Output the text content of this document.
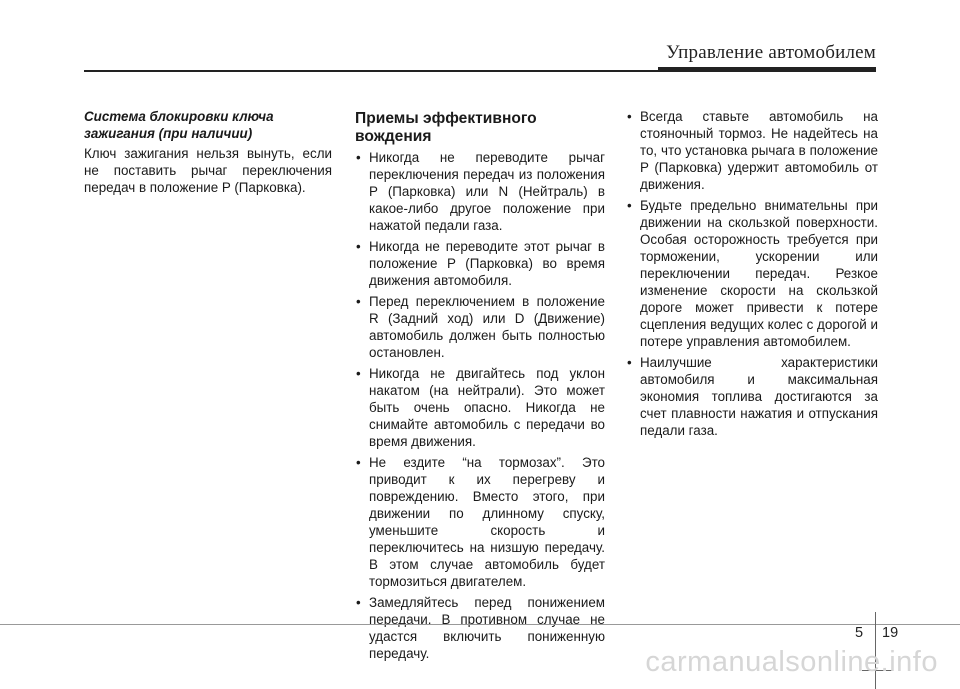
Управление автомобилем
Система блокировки ключа зажигания (при наличии)

Ключ зажигания нельзя вынуть, если не поставить рычаг переключения передач в положение P (Парковка).

Приемы эффективного вождения
• Никогда не переводите рычаг переключения передач из положения P (Парковка) или N (Нейтраль) в какое-либо другое положение при нажатой педали газа.
• Никогда не переводите этот рычаг в положение P (Парковка) во время движения автомобиля.
• Перед переключением в положение R (Задний ход) или D (Движение) автомобиль должен быть полностью остановлен.
• Никогда не двигайтесь под уклон накатом (на нейтрали). Это может быть очень опасно. Никогда не снимайте автомобиль с передачи во время движения.
• Не ездите “на тормозах”. Это приводит к их перегреву и повреждению. Вместо этого, при движении по длинному спуску, уменьшите скорость и переключитесь на низшую передачу. В этом случае автомобиль будет тормозиться двигателем.
• Замедляйтесь перед понижением передачи. В противном случае не удастся включить пониженную передачу.
• Всегда ставьте автомобиль на стояночный тормоз. Не надейтесь на то, что установка рычага в положение P (Парковка) удержит автомобиль от движения.
• Будьте предельно внимательны при движении на скользкой поверхности. Особая осторожность требуется при торможении, ускорении или переключении передач. Резкое изменение скорости на скользкой дороге может привести к потере сцепления ведущих колес с дорогой и потере управления автомобилем.
• Наилучшие характеристики автомобиля и максимальная экономия топлива достигаются за счет плавности нажатия и отпускания педали газа.
5 19
carmanualsonline.info
